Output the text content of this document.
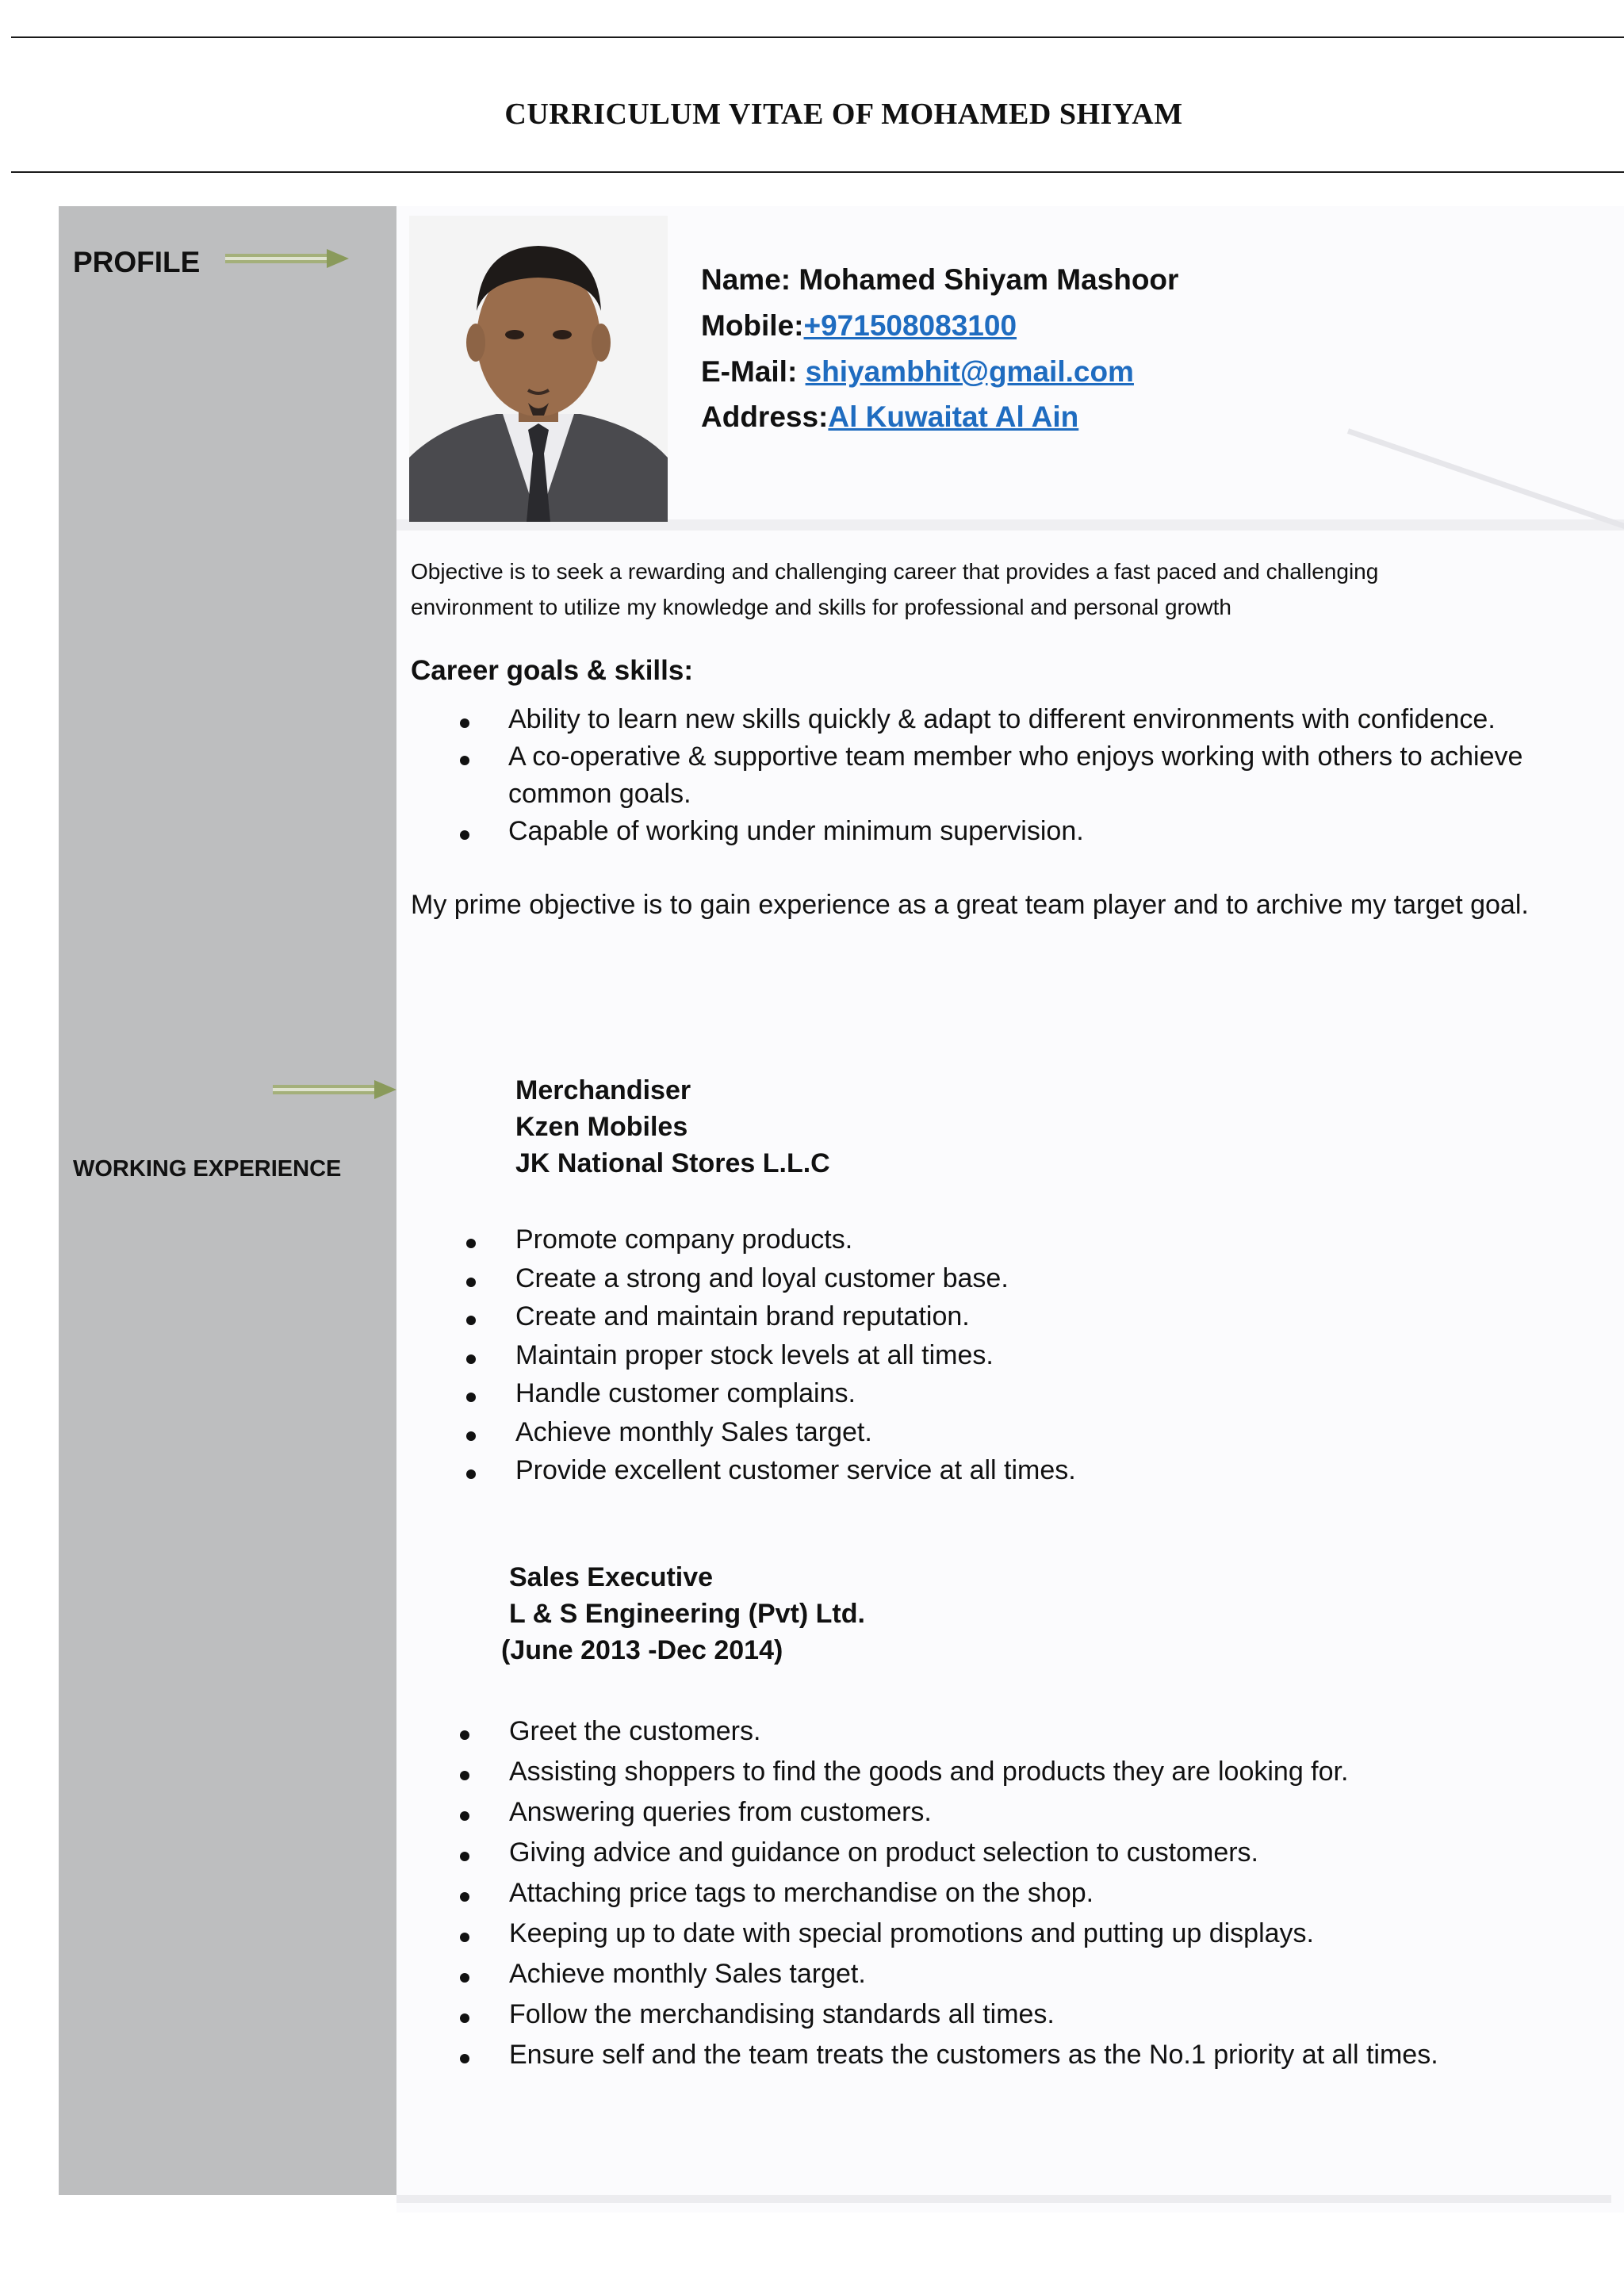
CURRICULUM VITAE OF MOHAMED SHIYAM
PROFILE
WORKING EXPERIENCE
Name: Mohamed Shiyam Mashoor
Mobile:+971508083100
E-Mail: shiyambhit@gmail.com
Address:Al Kuwaitat Al Ain
Objective is to seek a rewarding and challenging career that provides a fast paced and challenging
environment to utilize my knowledge and skills for professional and personal growth
Career goals & skills:
Ability to learn new skills quickly & adapt to different environments with confidence.
A co-operative & supportive team member who enjoys working with others to achieve
common goals.
Capable of working under minimum supervision.
My prime objective is to gain experience as a great team player and to archive my target goal.
Merchandiser
Kzen Mobiles
JK National Stores L.L.C
Promote company products.
Create a strong and loyal customer base.
Create and maintain brand reputation.
Maintain proper stock levels at all times.
Handle customer complains.
Achieve monthly Sales target.
Provide excellent customer service at all times.
Sales Executive
L & S Engineering (Pvt) Ltd.
(June 2013 -Dec 2014)
Greet the customers.
Assisting shoppers to find the goods and products they are looking for.
Answering queries from customers.
Giving advice and guidance on product selection to customers.
Attaching price tags to merchandise on the shop.
Keeping up to date with special promotions and putting up displays.
Achieve monthly Sales target.
Follow the merchandising standards all times.
Ensure self and the team treats the customers as the No.1 priority at all times.
